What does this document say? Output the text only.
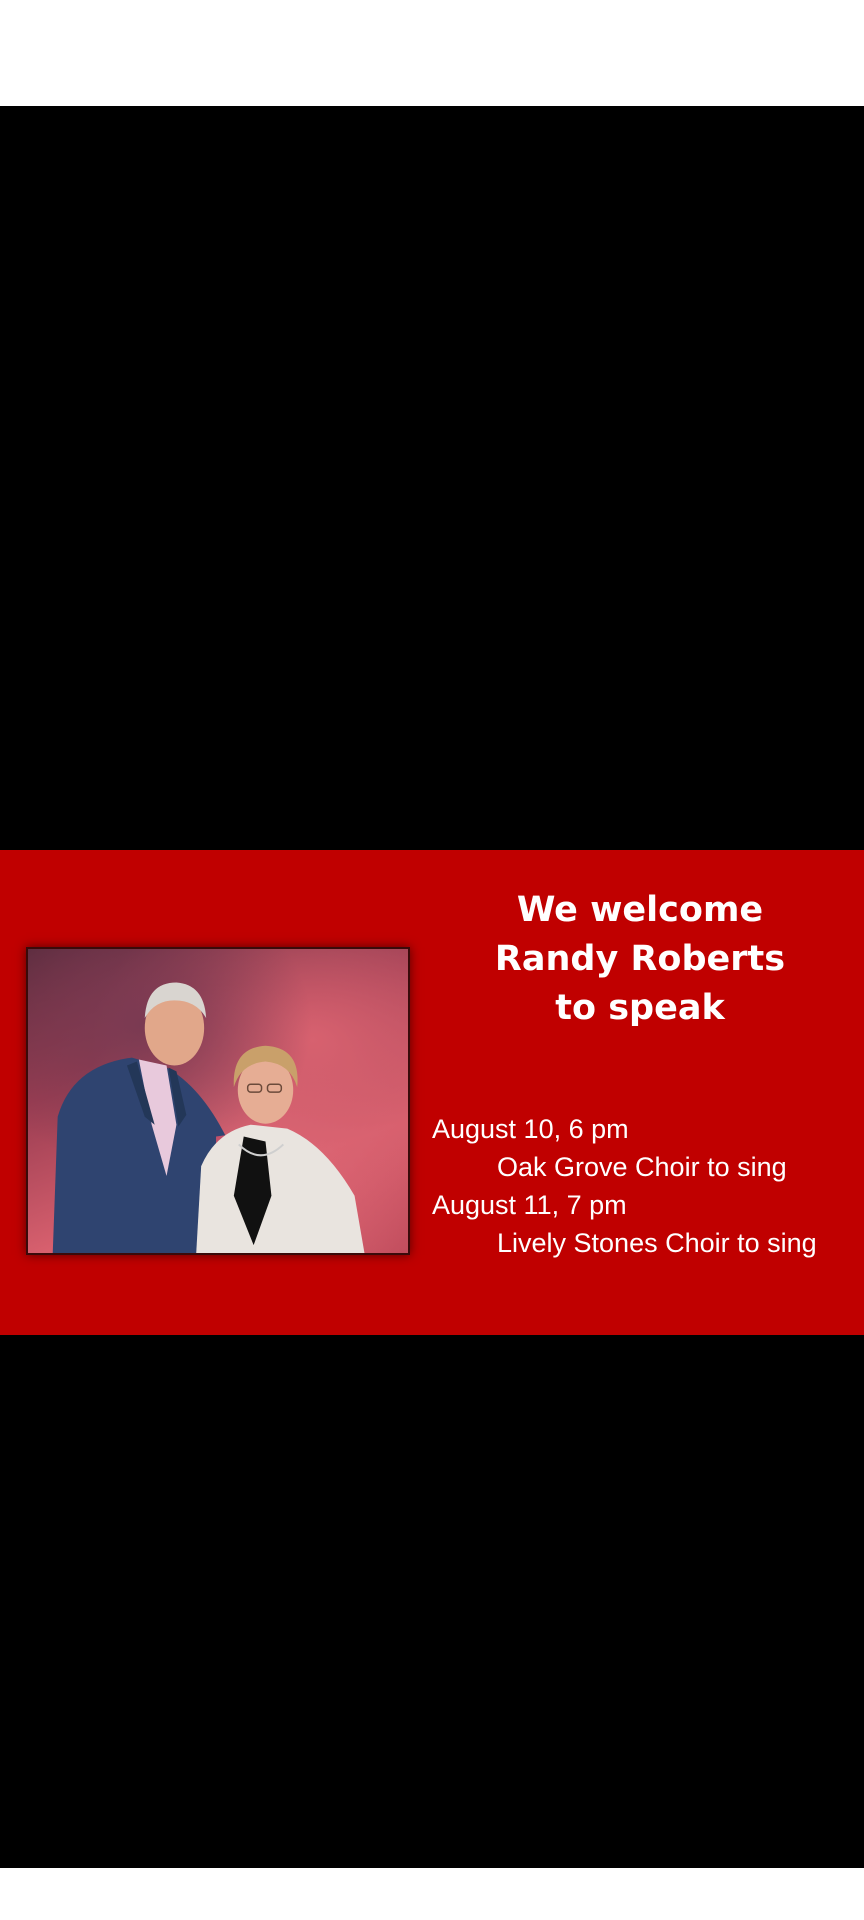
We welcome
Randy Roberts
to speak
August 10, 6 pm
Oak Grove Choir to sing
August 11, 7 pm
Lively Stones Choir to sing
